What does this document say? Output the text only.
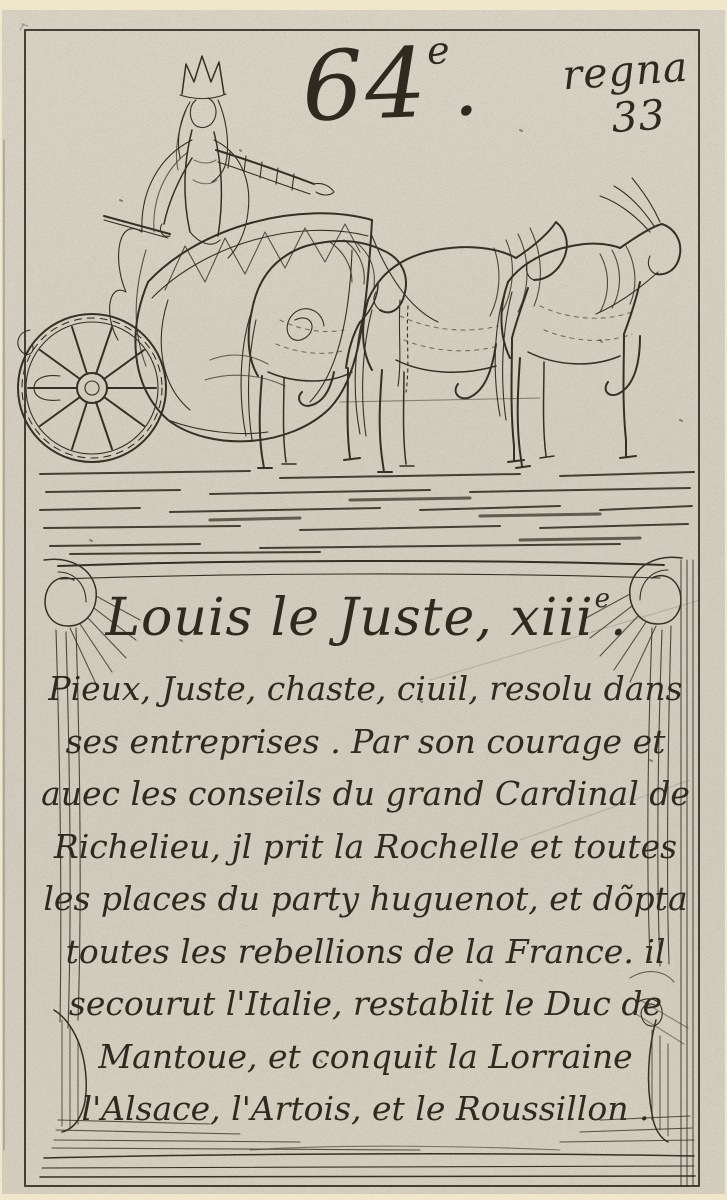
64e. regna
33
Louis le Juste, xiii$^e$.
Pieux, Juste, chaste, ciuil, resolu dans
ses entreprises . Par son courage et
auec les conseils du grand Cardinal de
Richelieu, jl prit la Rochelle et toutes
les places du party huguenot, et dõpta
toutes les rebellions de la France. il
secourut l'Italie, restablit le Duc de
Mantoue, et conquit la Lorraine
l'Alsace, l'Artois, et le Roussillon .
